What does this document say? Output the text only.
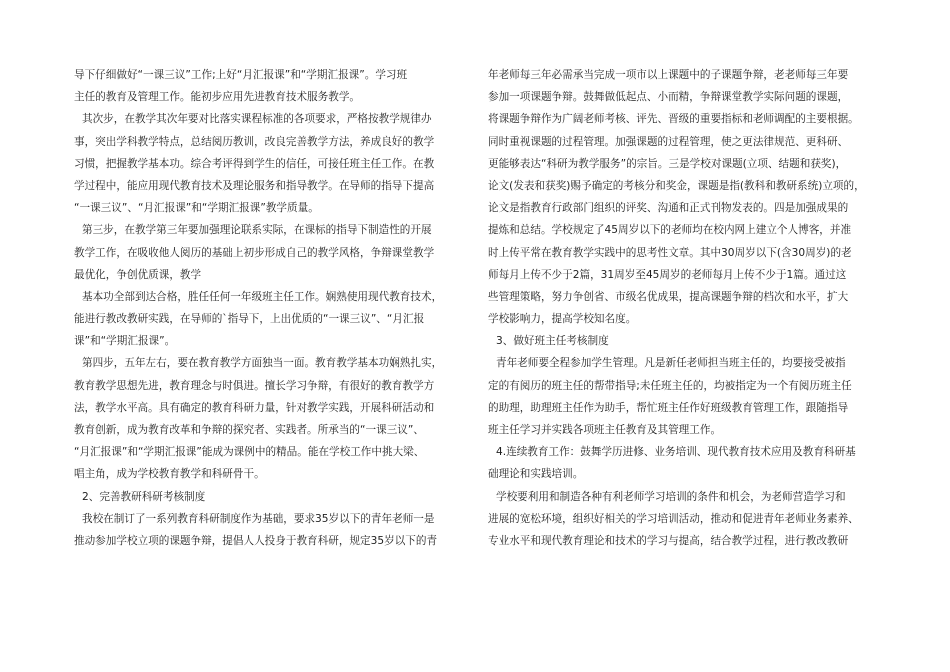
导下仔细做好“一课三议”工作;上好“月汇报课”和“学期汇报课”。学习班
主任的教育及管理工作。能初步应用先进教育技术服务教学。
其次步，在教学其次年要对比落实课程标准的各项要求，严格按教学规律办
事，突出学科教学特点，总结阅历教训，改良完善教学方法，养成良好的教学
习惯，把握教学基本功。综合考评得到学生的信任，可接任班主任工作。在教
学过程中，能应用现代教育技术及理论服务和指导教学。在导师的指导下提高
“一课三议”、“月汇报课”和“学期汇报课”教学质量。
第三步，在教学第三年要加强理论联系实际，在课标的指导下制造性的开展
教学工作，在吸收他人阅历的基础上初步形成自己的教学风格，争辩课堂教学
最优化，争创优质课，教学
基本功全部到达合格，胜任任何一年级班主任工作。娴熟使用现代教育技术，
能进行教改教研实践，在导师的`指导下，上出优质的“一课三议”、“月汇报
课”和“学期汇报课”。
第四步，五年左右，要在教育教学方面独当一面。教育教学基本功娴熟扎实，
教育教学思想先进，教育理念与时俱进。擅长学习争辩，有很好的教育教学方
法，教学水平高。具有确定的教育科研力量，针对教学实践，开展科研活动和
教育创新，成为教育改革和争辩的探究者、实践者。所承当的“一课三议”、
“月汇报课”和“学期汇报课”能成为课例中的精品。能在学校工作中挑大梁、
唱主角，成为学校教育教学和科研骨干。
2、完善教研科研考核制度
我校在制订了一系列教育科研制度作为基础，要求35岁以下的青年老师一是
推动参加学校立项的课题争辩，提倡人人投身于教育科研，规定35岁以下的青
年老师每三年必需承当完成一项市以上课题中的子课题争辩，老老师每三年要
参加一项课题争辩。鼓舞做低起点、小而精，争辩课堂教学实际问题的课题，
将课题争辩作为广阔老师考核、评先、晋级的重要指标和老师调配的主要根据。
同时重视课题的过程管理。加强课题的过程管理，使之更法律规范、更科研、
更能够表达“科研为教学服务”的宗旨。三是学校对课题(立项、结题和获奖)，
论文(发表和获奖)赐予确定的考核分和奖金，课题是指(教科和教研系统)立项的，
论文是指教育行政部门组织的评奖、沟通和正式刊物发表的。四是加强成果的
提炼和总结。学校规定了45周岁以下的老师均在校内网上建立个人博客，并准
时上传平常在教育教学实践中的思考性文章。其中30周岁以下(含30周岁)的老
师每月上传不少于2篇，31周岁至45周岁的老师每月上传不少于1篇。通过这
些管理策略，努力争创省、市级名优成果，提高课题争辩的档次和水平，扩大
学校影响力，提高学校知名度。
3、做好班主任考核制度
青年老师要全程参加学生管理。凡是新任老师担当班主任的，均要接受被指
定的有阅历的班主任的帮带指导;未任班主任的，均被指定为一个有阅历班主任
的助理，助理班主任作为助手，帮忙班主任作好班级教育管理工作，跟随指导
班主任学习并实践各项班主任教育及其管理工作。
4.连续教育工作：鼓舞学历进修、业务培训、现代教育技术应用及教育科研基
础理论和实践培训。
学校要利用和制造各种有利老师学习培训的条件和机会，为老师营造学习和
进展的宽松环境，组织好相关的学习培训活动，推动和促进青年老师业务素养、
专业水平和现代教育理论和技术的学习与提高，结合教学过程，进行教改教研
